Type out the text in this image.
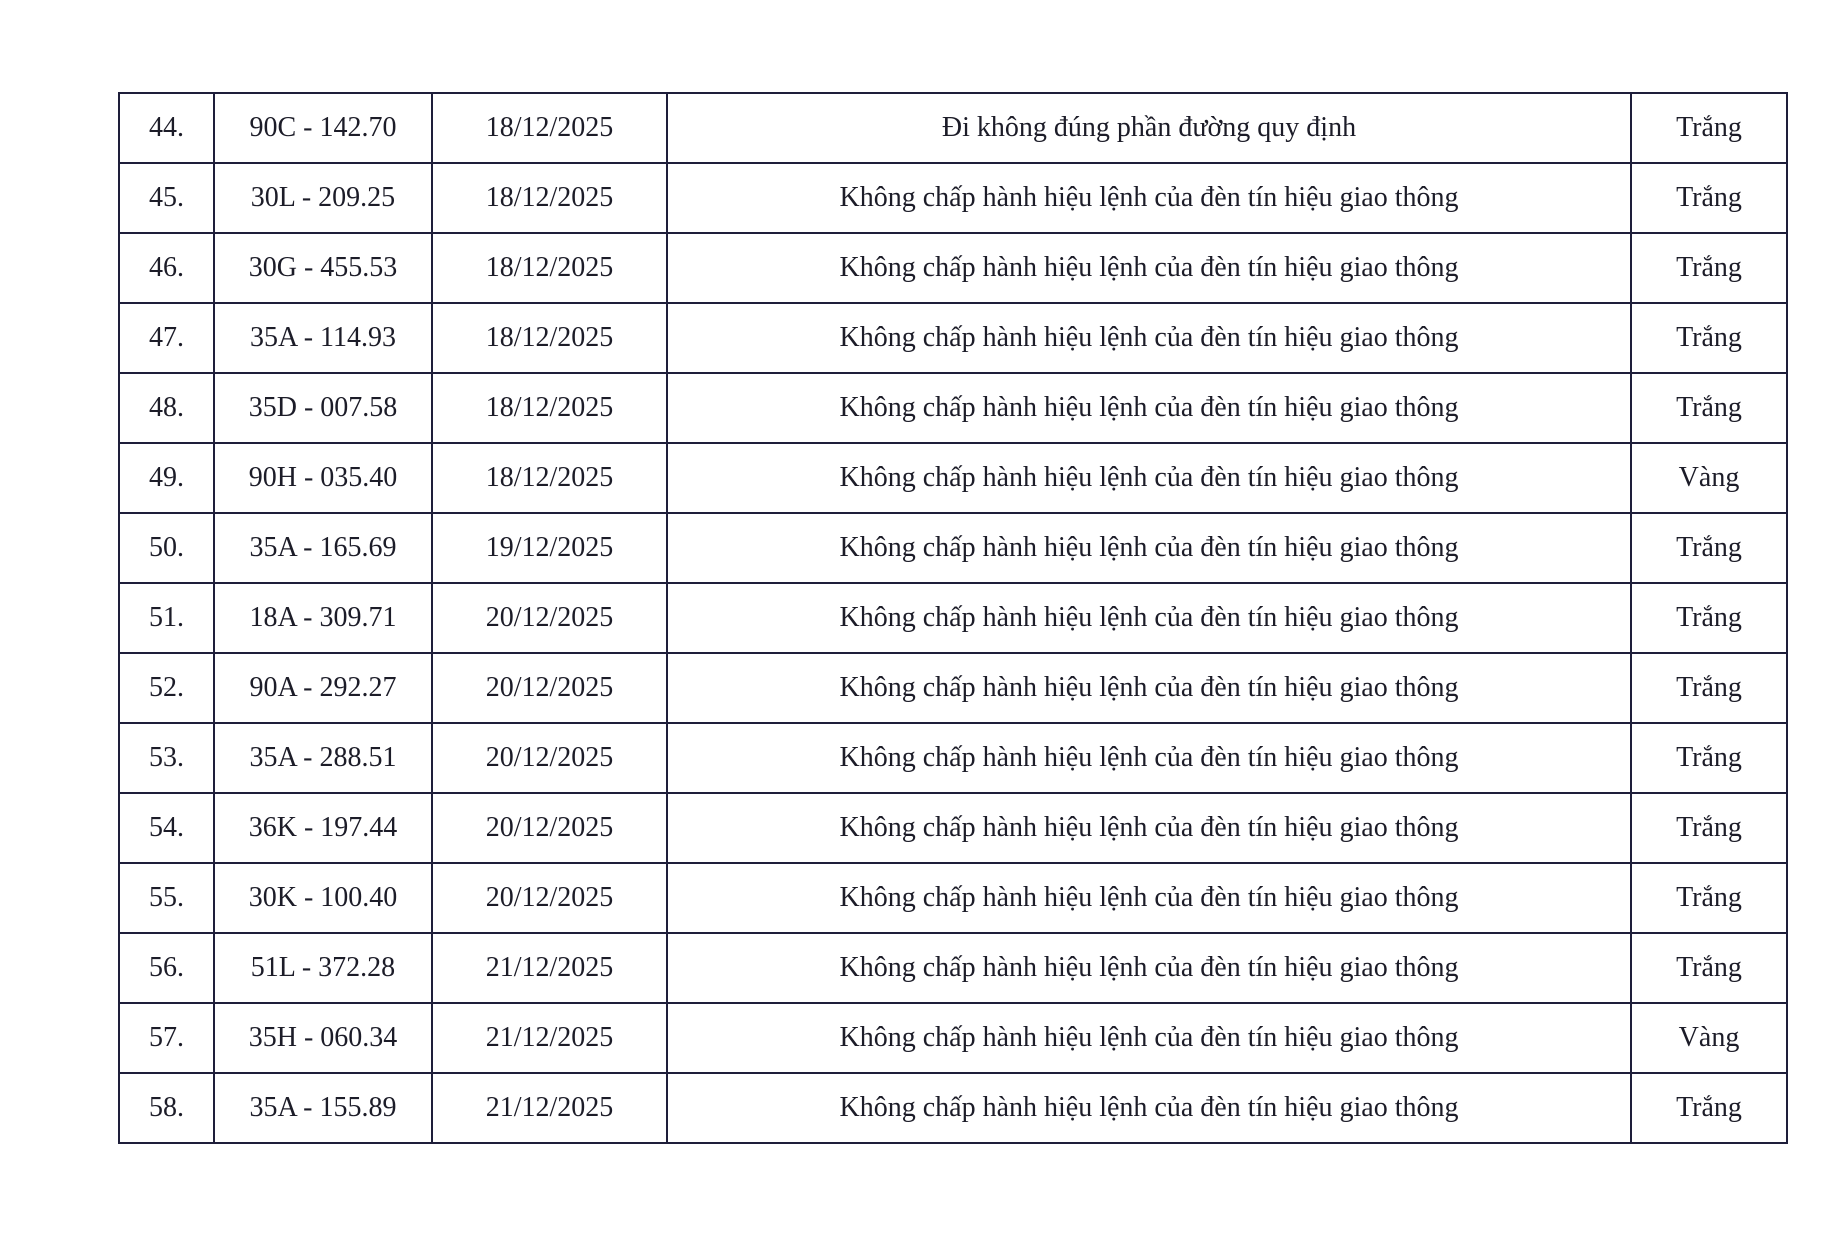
44.	90C - 142.70	18/12/2025	Đi không đúng phần đường quy định	Trắng
45.	30L - 209.25	18/12/2025	Không chấp hành hiệu lệnh của đèn tín hiệu giao thông	Trắng
46.	30G - 455.53	18/12/2025	Không chấp hành hiệu lệnh của đèn tín hiệu giao thông	Trắng
47.	35A - 114.93	18/12/2025	Không chấp hành hiệu lệnh của đèn tín hiệu giao thông	Trắng
48.	35D - 007.58	18/12/2025	Không chấp hành hiệu lệnh của đèn tín hiệu giao thông	Trắng
49.	90H - 035.40	18/12/2025	Không chấp hành hiệu lệnh của đèn tín hiệu giao thông	Vàng
50.	35A - 165.69	19/12/2025	Không chấp hành hiệu lệnh của đèn tín hiệu giao thông	Trắng
51.	18A - 309.71	20/12/2025	Không chấp hành hiệu lệnh của đèn tín hiệu giao thông	Trắng
52.	90A - 292.27	20/12/2025	Không chấp hành hiệu lệnh của đèn tín hiệu giao thông	Trắng
53.	35A - 288.51	20/12/2025	Không chấp hành hiệu lệnh của đèn tín hiệu giao thông	Trắng
54.	36K - 197.44	20/12/2025	Không chấp hành hiệu lệnh của đèn tín hiệu giao thông	Trắng
55.	30K - 100.40	20/12/2025	Không chấp hành hiệu lệnh của đèn tín hiệu giao thông	Trắng
56.	51L - 372.28	21/12/2025	Không chấp hành hiệu lệnh của đèn tín hiệu giao thông	Trắng
57.	35H - 060.34	21/12/2025	Không chấp hành hiệu lệnh của đèn tín hiệu giao thông	Vàng
58.	35A - 155.89	21/12/2025	Không chấp hành hiệu lệnh của đèn tín hiệu giao thông	Trắng
